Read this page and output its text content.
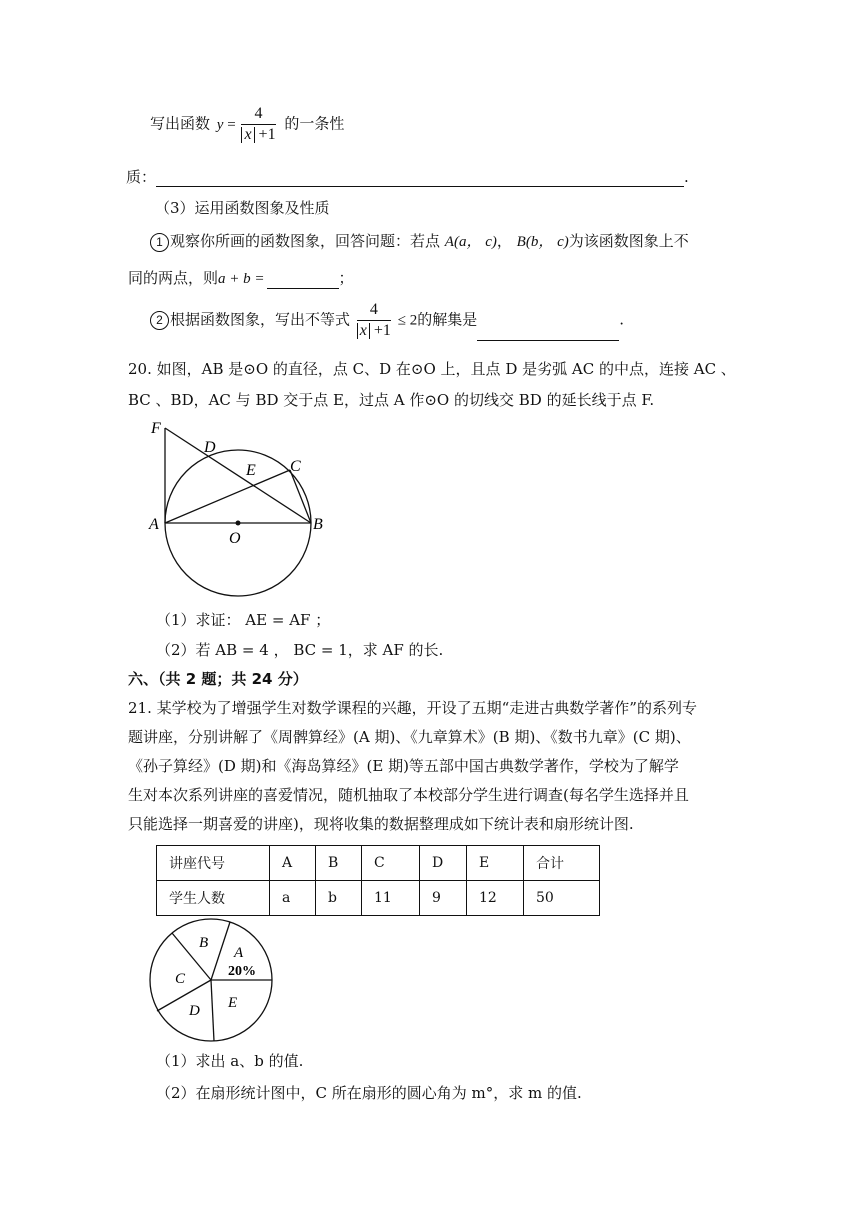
写出函数 $y = \frac{4}{x +1}$ 的一条性
质：	.
（3）运用函数图象及性质
1 观察你所画的函数图象，回答问题：若点 A(a， c)， B(b， c)为该函数图象上不
同的两点，则a + b =	；
2 根据函数图象，写出不等式 $\frac{4}{x +1} \le 2$的解集是	.
20. 如图，AB 是⊙O 的直径，点 C、D 在⊙O 上，且点 D 是劣弧 AC 的中点，连接 AC 、
BC 、BD，AC 与 BD 交于点 E，过点 A 作⊙O 的切线交 BD 的延长线于点 F.
F
D
E C
A
O
B
（1）求证： AE = AF ；
（2）若 AB = 4 ， BC = 1，求 AF 的长.
六、（共 2 题；共 24 分）
21. 某学校为了增强学生对数学课程的兴趣，开设了五期“走进古典数学著作”的系列专
题讲座，分别讲解了《周髀算经》(A 期)、《九章算术》(B 期)、《数书九章》(C 期)、
《孙子算经》(D 期)和《海岛算经》(E 期)等五部中国古典数学著作，学校为了解学
生对本次系列讲座的喜爱情况，随机抽取了本校部分学生进行调查(每名学生选择并且
只能选择一期喜爱的讲座)，现将收集的数据整理成如下统计表和扇形统计图.
讲座代号	A	B	C	D	E	合计
学生人数	a	b	11	9	12	50
A
20%
B
C
D E
（1）求出 a、b 的值.
（2）在扇形统计图中，C 所在扇形的圆心角为 m°，求 m 的值.
